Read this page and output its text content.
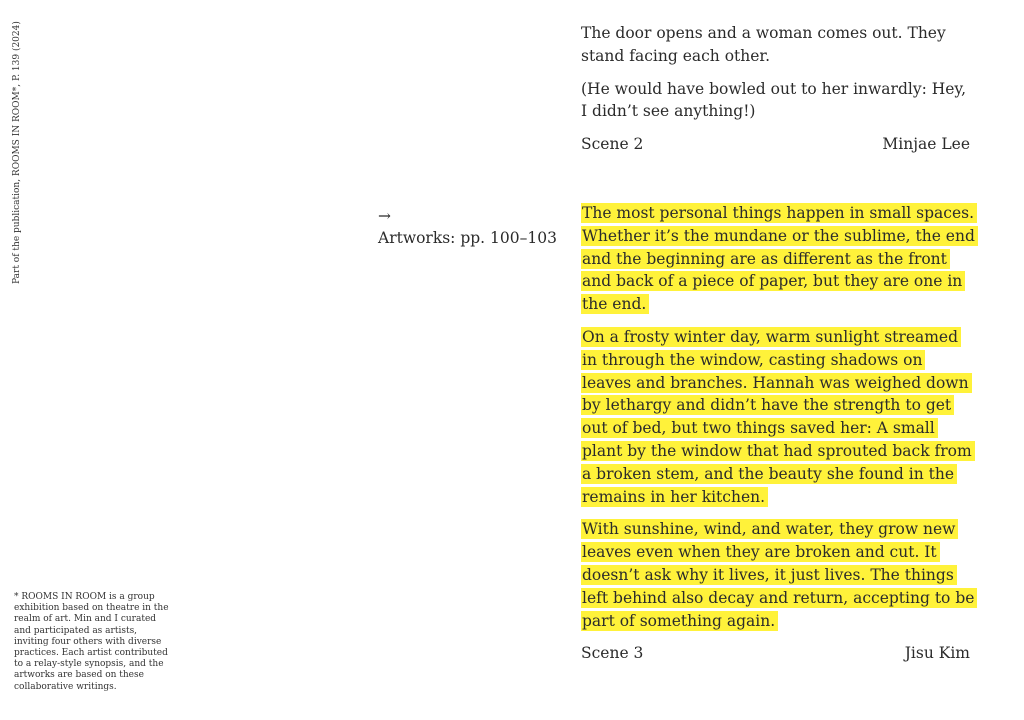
Part of the publication, ROOMS IN ROOM*, P. 139 (2024)
* ROOMS IN ROOM is a group exhibition based on theatre in the realm of art. Min and I curated and participated as artists, inviting four others with diverse practices. Each artist contributed to a relay-style synopsis, and the artworks are based on these collaborative writings.
→
Artworks: pp. 100–103

The door opens and a woman comes out. They stand facing each other.

(He would have bowled out to her inwardly: Hey, I didn’t see anything!)

Scene 2	Minjae Lee

The most personal things happen in small spaces. Whether it’s the mundane or the sublime, the end and the beginning are as different as the front and back of a piece of paper, but they are one in the end.

On a frosty winter day, warm sunlight streamed in through the window, casting shadows on leaves and branches. Hannah was weighed down by lethargy and didn’t have the strength to get out of bed, but two things saved her: A small plant by the window that had sprouted back from a broken stem, and the beauty she found in the remains in her kitchen.

With sunshine, wind, and water, they grow new leaves even when they are broken and cut. It doesn’t ask why it lives, it just lives. The things left behind also decay and return, accepting to be part of something again.

Scene 3	Jisu Kim
